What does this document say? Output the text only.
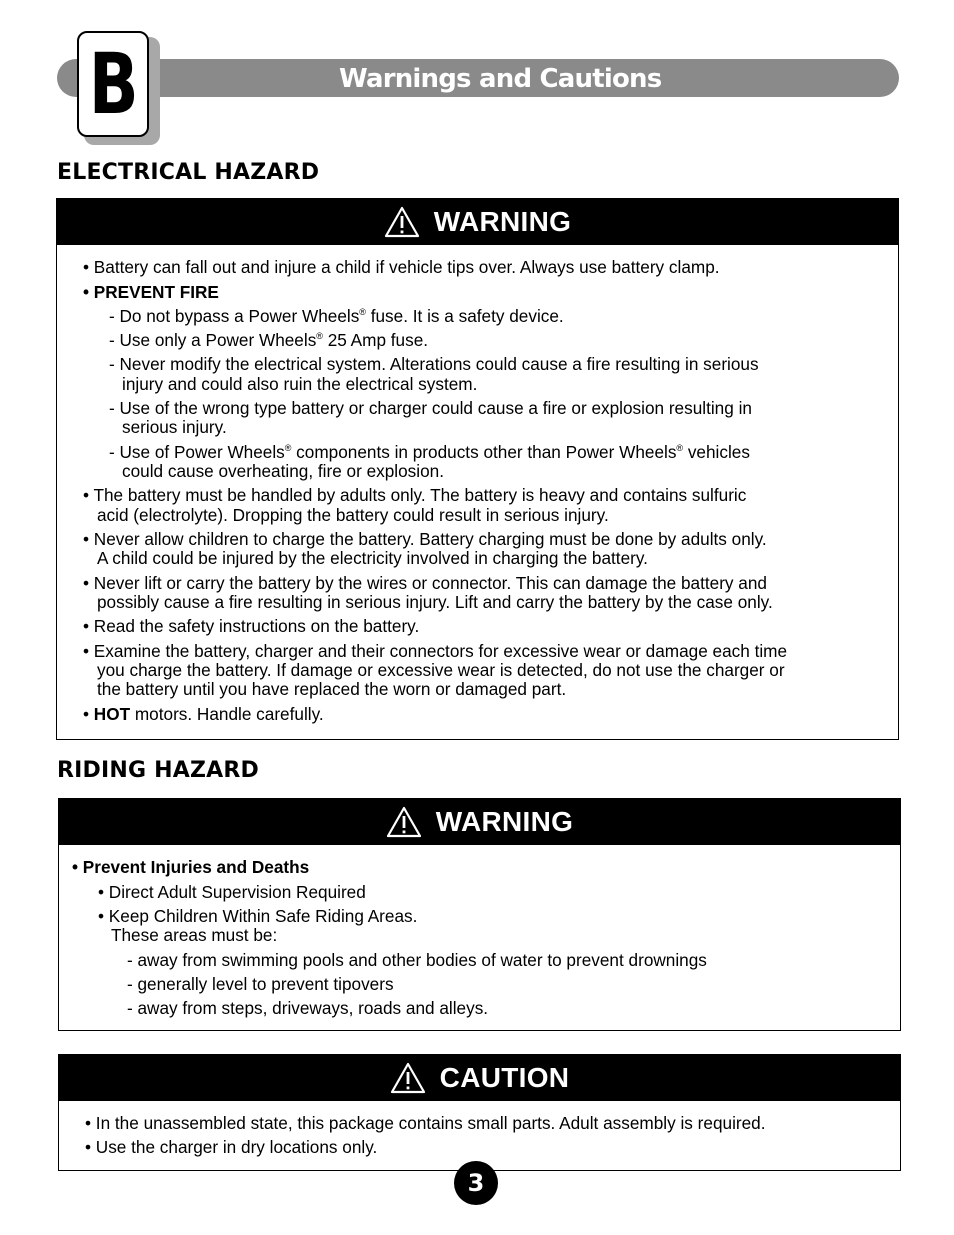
Warnings and Cautions
B
ELECTRICAL HAZARD
WARNING
• Battery can fall out and injure a child if vehicle tips over. Always use battery clamp.
• PREVENT FIRE
- Do not bypass a Power Wheels® fuse. It is a safety device.
- Use only a Power Wheels® 25 Amp fuse.
- Never modify the electrical system. Alterations could cause a fire resulting in serious
injury and could also ruin the electrical system.
- Use of the wrong type battery or charger could cause a fire or explosion resulting in
serious injury.
- Use of Power Wheels® components in products other than Power Wheels® vehicles
could cause overheating, fire or explosion.
• The battery must be handled by adults only. The battery is heavy and contains sulfuric
acid (electrolyte). Dropping the battery could result in serious injury.
• Never allow children to charge the battery. Battery charging must be done by adults only.
A child could be injured by the electricity involved in charging the battery.
• Never lift or carry the battery by the wires or connector. This can damage the battery and
possibly cause a fire resulting in serious injury. Lift and carry the battery by the case only.
• Read the safety instructions on the battery.
• Examine the battery, charger and their connectors for excessive wear or damage each time
you charge the battery. If damage or excessive wear is detected, do not use the charger or
the battery until you have replaced the worn or damaged part.
• HOT motors. Handle carefully.
RIDING HAZARD
WARNING
• Prevent Injuries and Deaths
• Direct Adult Supervision Required
• Keep Children Within Safe Riding Areas.
These areas must be:
- away from swimming pools and other bodies of water to prevent drownings
- generally level to prevent tipovers
- away from steps, driveways, roads and alleys.
CAUTION
• In the unassembled state, this package contains small parts. Adult assembly is required.
• Use the charger in dry locations only.
3
